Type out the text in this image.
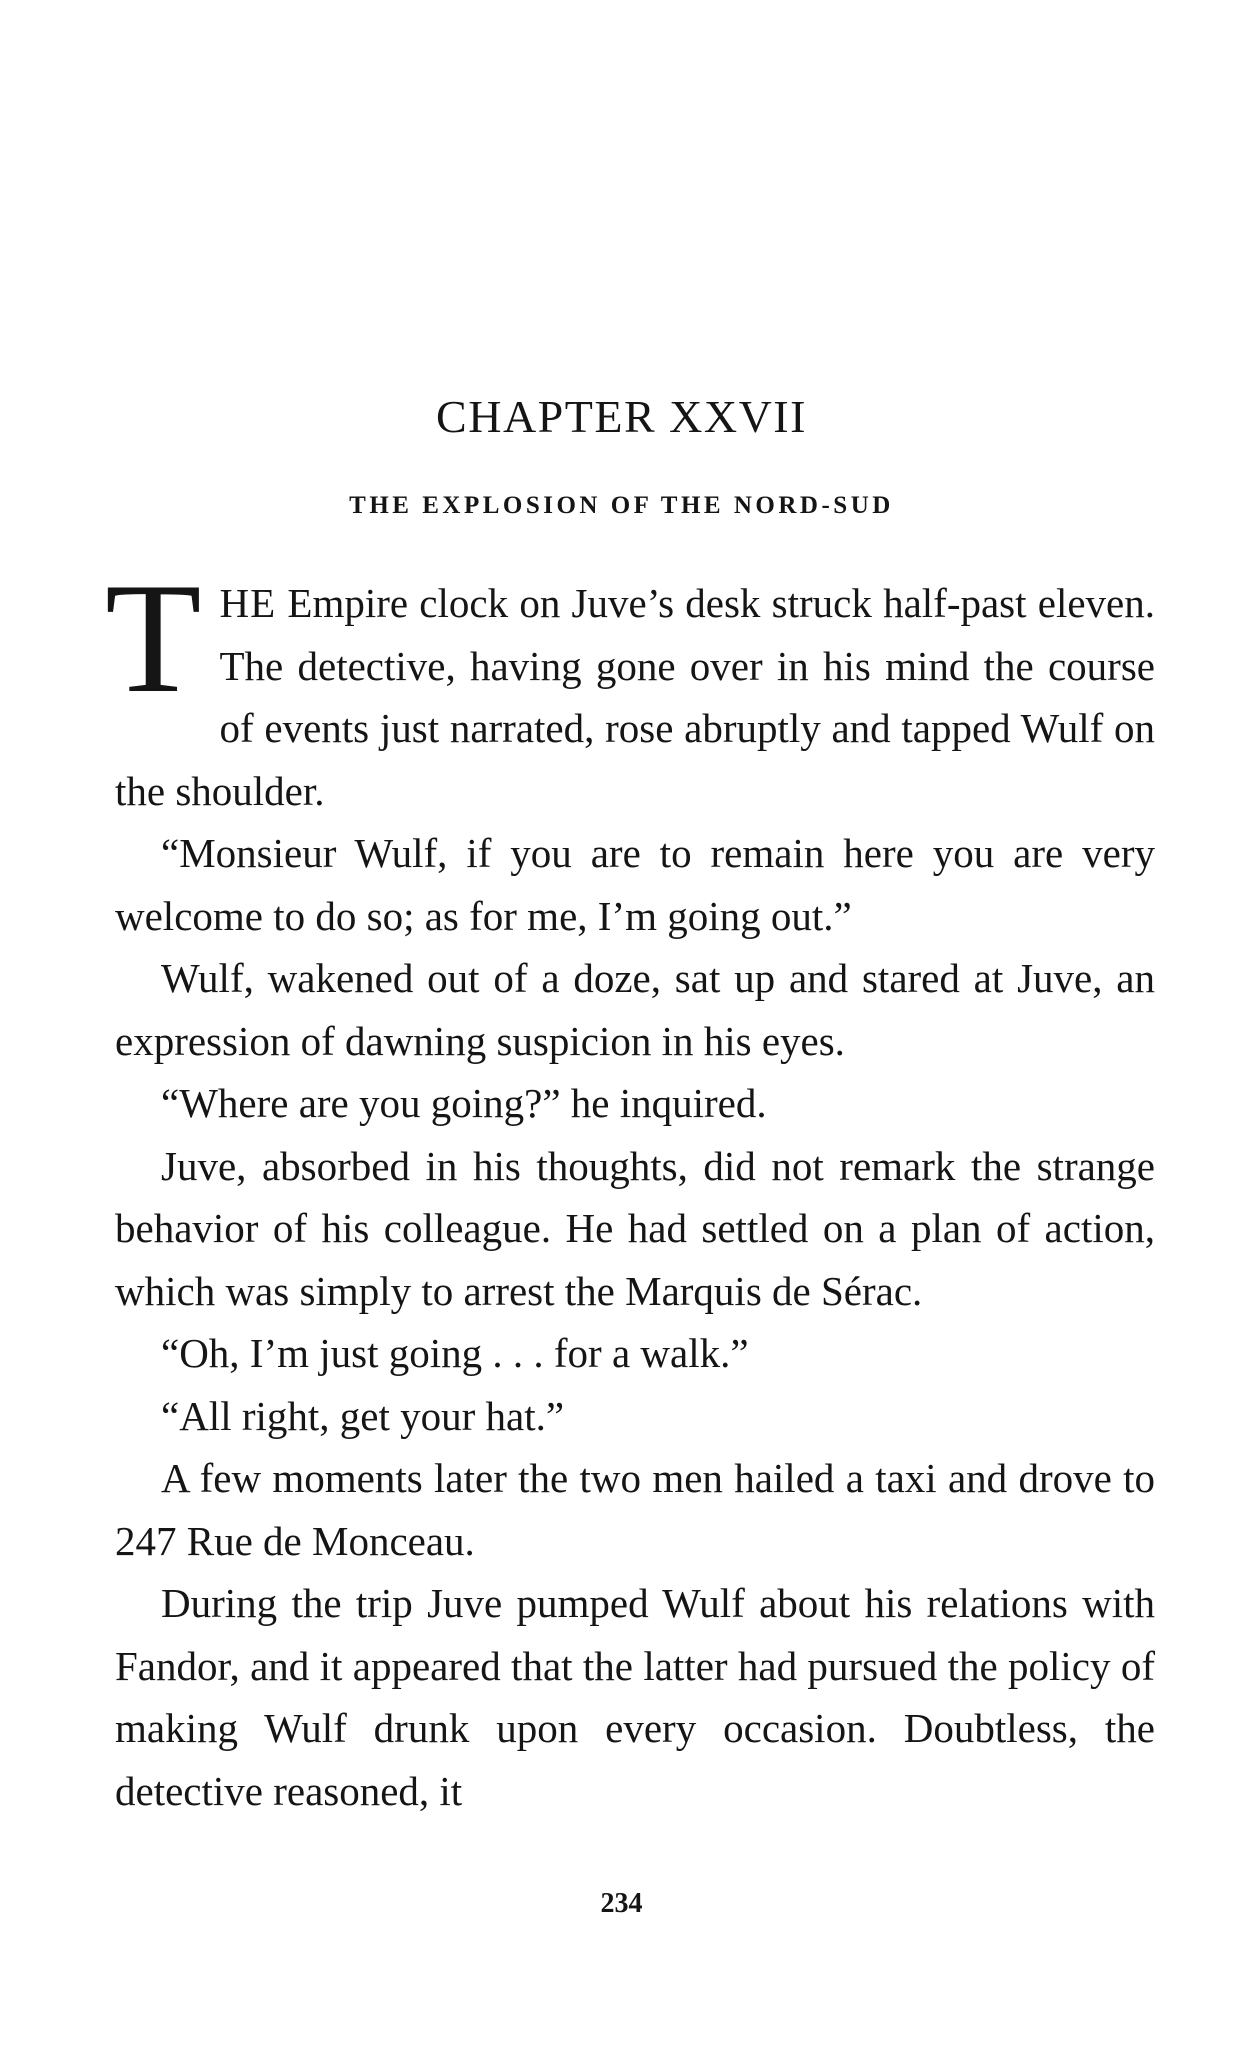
CHAPTER XXVII
THE EXPLOSION OF THE NORD-SUD

THE Empire clock on Juve’s desk struck half-past eleven. The detective, having gone over in his mind the course of events just narrated, rose abruptly and tapped Wulf on the shoulder.

“Monsieur Wulf, if you are to remain here you are very welcome to do so; as for me, I’m going out.”

Wulf, wakened out of a doze, sat up and stared at Juve, an expression of dawning suspicion in his eyes.

“Where are you going?” he inquired.

Juve, absorbed in his thoughts, did not remark the strange behavior of his colleague. He had settled on a plan of action, which was simply to arrest the Marquis de Sérac.

“Oh, I’m just going . . . for a walk.”

“All right, get your hat.”

A few moments later the two men hailed a taxi and drove to 247 Rue de Monceau.

During the trip Juve pumped Wulf about his relations with Fandor, and it appeared that the latter had pursued the policy of making Wulf drunk upon every occasion. Doubtless, the detective reasoned, it

234
